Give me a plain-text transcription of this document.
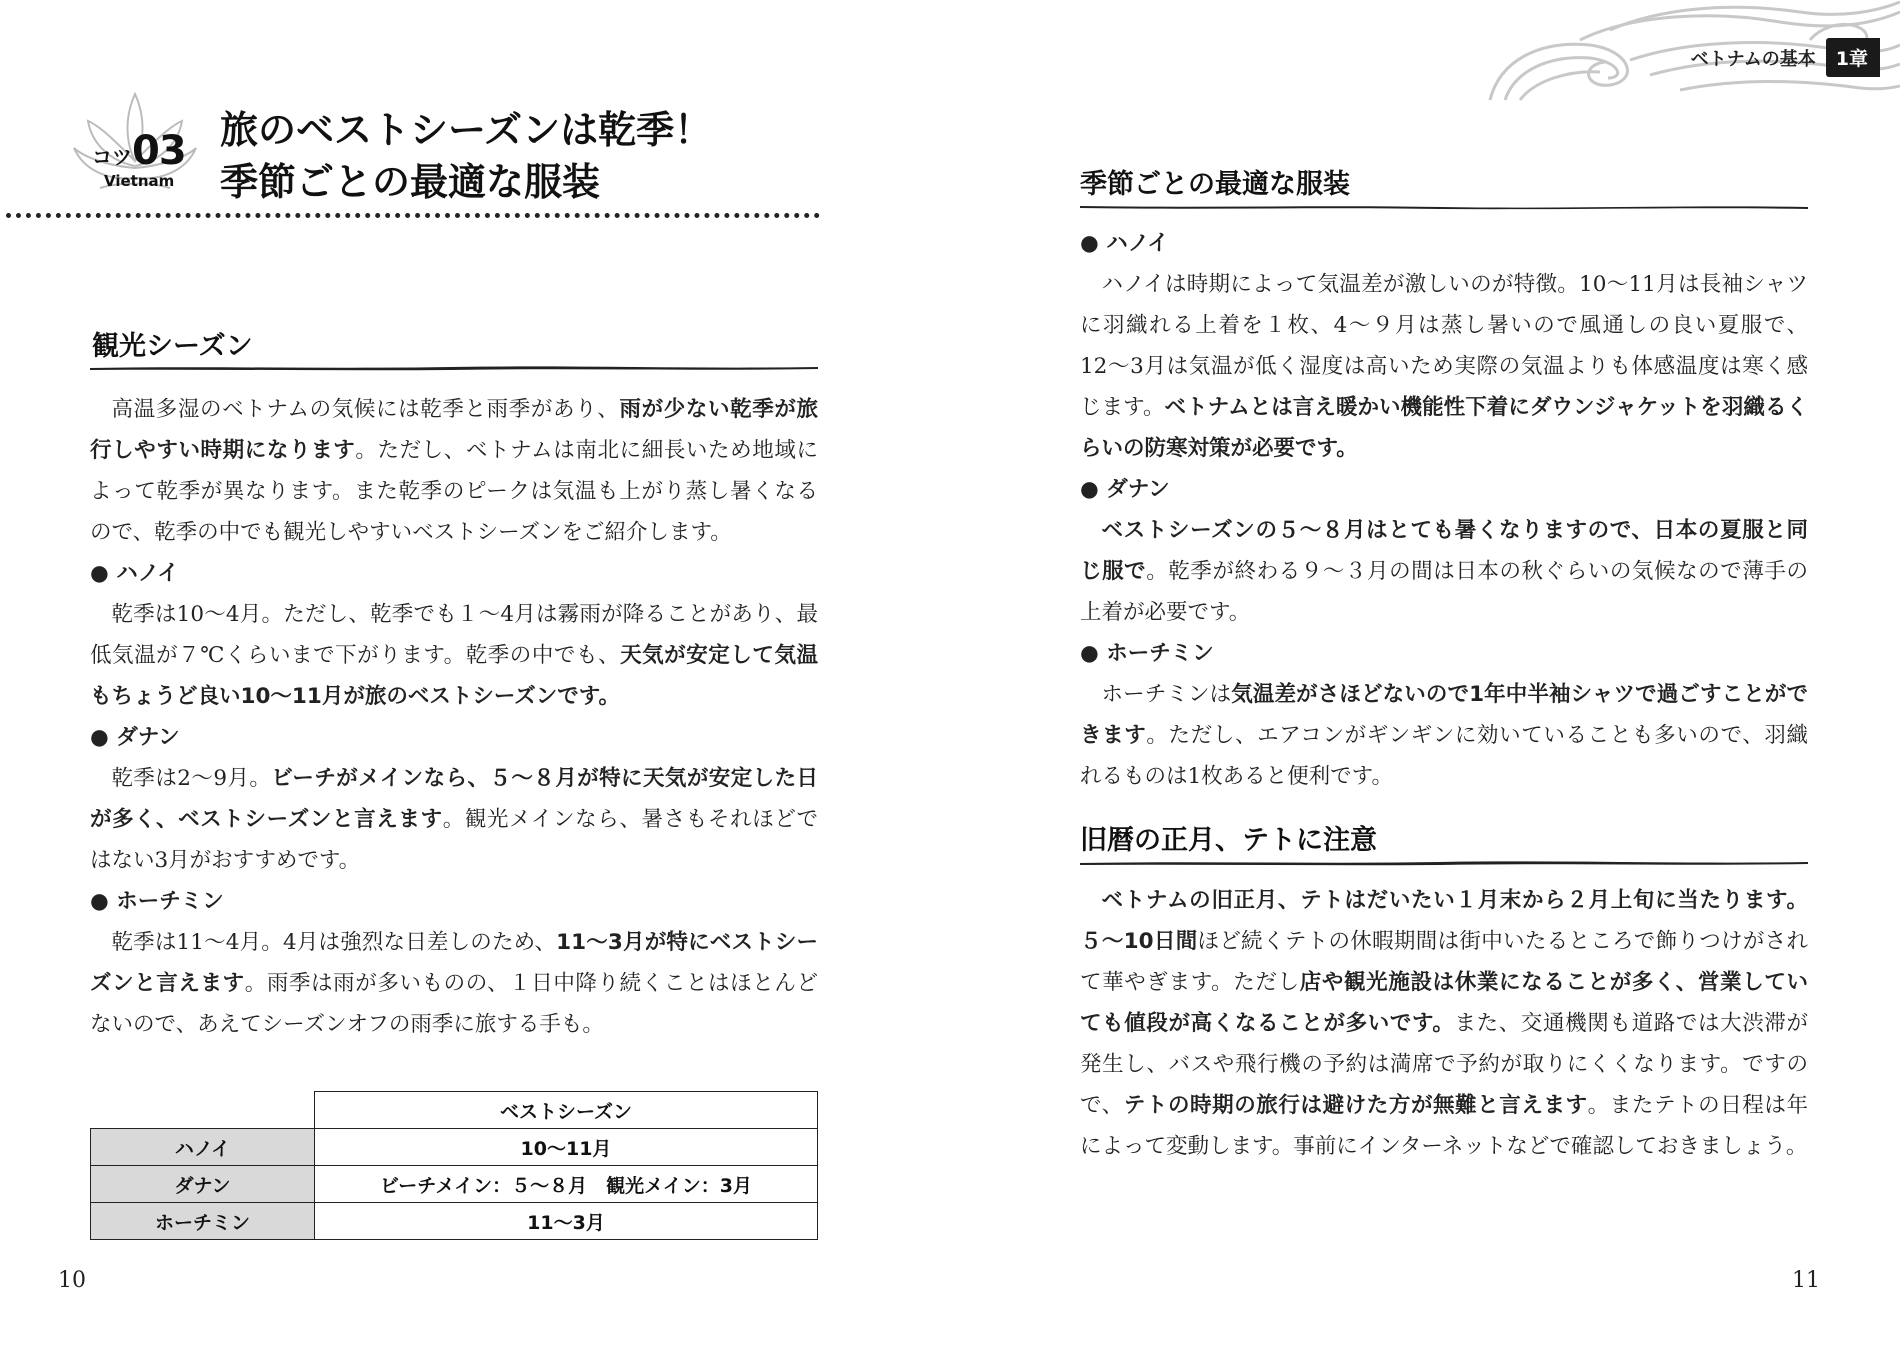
コツ03
Vietnam
旅のベストシーズンは乾季！
季節ごとの最適な服装
観光シーズン

高温多湿のベトナムの気候には乾季と雨季があり、雨が少ない乾季が旅行しやすい時期になります。ただし、ベトナムは南北に細長いため地域によって乾季が異なります。また乾季のピークは気温も上がり蒸し暑くなるので、乾季の中でも観光しやすいベストシーズンをご紹介します。

● ハノイ

乾季は10〜4月。ただし、乾季でも１〜4月は霧雨が降ることがあり、最低気温が７℃くらいまで下がります。乾季の中でも、天気が安定して気温もちょうど良い10〜11月が旅のベストシーズンです。

● ダナン

乾季は2〜9月。ビーチがメインなら、５〜８月が特に天気が安定した日が多く、ベストシーズンと言えます。観光メインなら、暑さもそれほどではない3月がおすすめです。

● ホーチミン

乾季は11〜4月。4月は強烈な日差しのため、11〜3月が特にベストシーズンと言えます。雨季は雨が多いものの、１日中降り続くことはほとんどないので、あえてシーズンオフの雨季に旅する手も。

	ベストシーズン
ハノイ	10〜11月
ダナン	ビーチメイン：５〜８月　観光メイン：3月
ホーチミン	11〜3月
10
ベトナムの基本	1章
季節ごとの最適な服装

● ハノイ

ハノイは時期によって気温差が激しいのが特徴。10〜11月は長袖シャツに羽織れる上着を１枚、4〜９月は蒸し暑いので風通しの良い夏服で、12〜3月は気温が低く湿度は高いため実際の気温よりも体感温度は寒く感じます。ベトナムとは言え暖かい機能性下着にダウンジャケットを羽織るくらいの防寒対策が必要です。

● ダナン

ベストシーズンの５〜８月はとても暑くなりますので、日本の夏服と同じ服で。乾季が終わる９〜３月の間は日本の秋ぐらいの気候なので薄手の上着が必要です。

● ホーチミン

ホーチミンは気温差がさほどないので1年中半袖シャツで過ごすことができます。ただし、エアコンがギンギンに効いていることも多いので、羽織れるものは1枚あると便利です。

旧暦の正月、テトに注意

ベトナムの旧正月、テトはだいたい１月末から２月上旬に当たります。５〜10日間ほど続くテトの休暇期間は街中いたるところで飾りつけがされて華やぎます。ただし店や観光施設は休業になることが多く、営業していても値段が高くなることが多いです。また、交通機関も道路では大渋滞が発生し、バスや飛行機の予約は満席で予約が取りにくくなります。ですので、テトの時期の旅行は避けた方が無難と言えます。またテトの日程は年によって変動します。事前にインターネットなどで確認しておきましょう。

11
